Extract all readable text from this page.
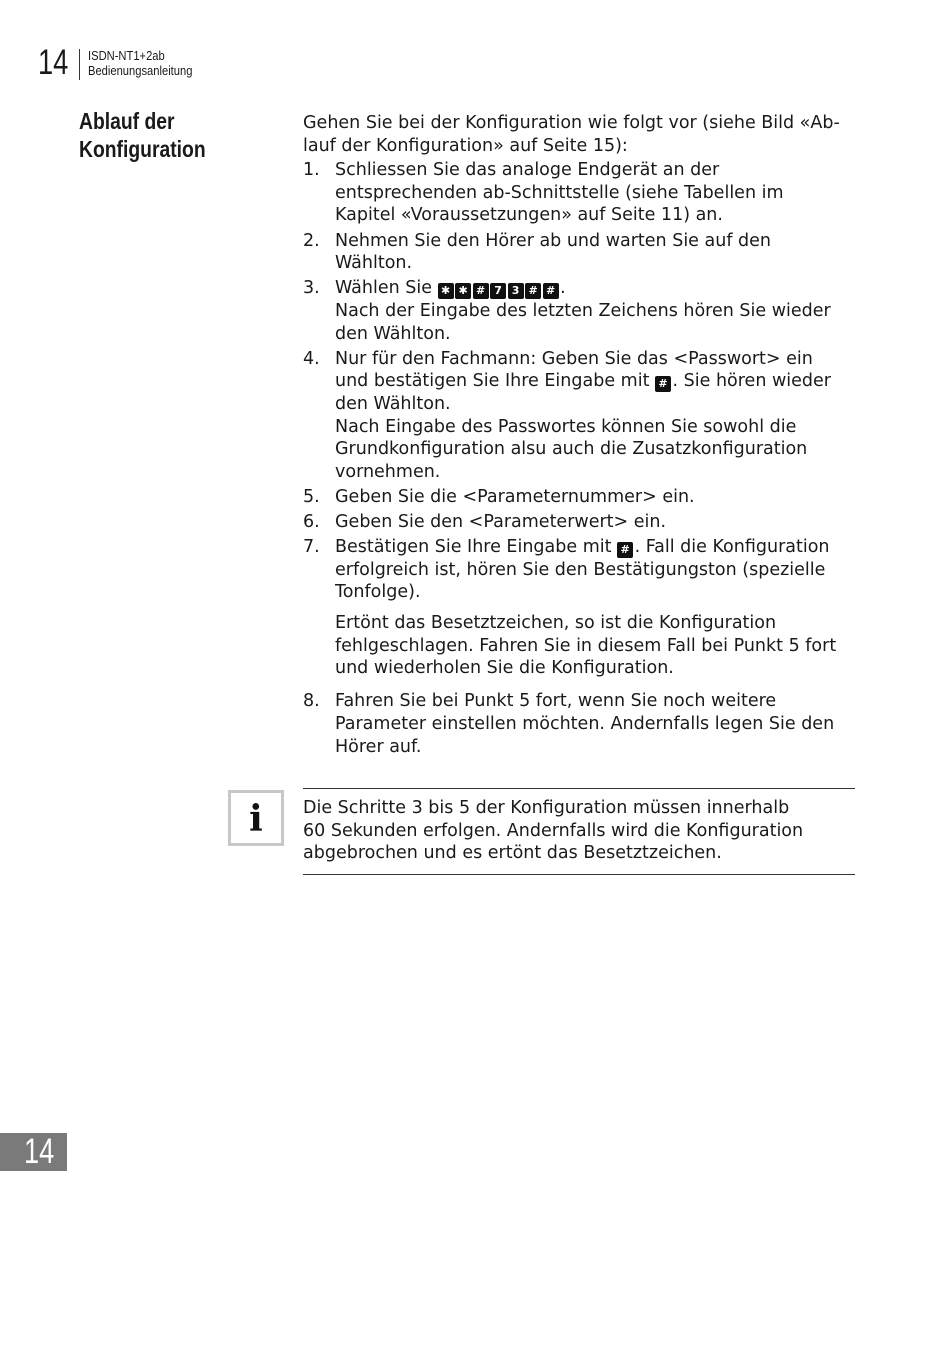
14 ISDN-NT1+2ab
Bedienungsanleitung
Ablauf der
Konfiguration
Gehen Sie bei der Konfiguration wie folgt vor (siehe Bild «Ab-
lauf der Konfiguration» auf Seite 15):
1. Schliessen Sie das analoge Endgerät an der
entsprechenden ab-Schnittstelle (siehe Tabellen im
Kapitel «Voraussetzungen» auf Seite 11) an.
2. Nehmen Sie den Hörer ab und warten Sie auf den
Wählton.
3. Wählen Sie ✱ ✱ # 7 3 # # .
Nach der Eingabe des letzten Zeichens hören Sie wieder
den Wählton.
4. Nur für den Fachmann: Geben Sie das <Passwort> ein
und bestätigen Sie Ihre Eingabe mit # . Sie hören wieder
den Wählton.
Nach Eingabe des Passwortes können Sie sowohl die
Grundkonfiguration alsu auch die Zusatzkonfiguration
vornehmen.
5. Geben Sie die <Parameternummer> ein.
6. Geben Sie den <Parameterwert> ein.
7. Bestätigen Sie Ihre Eingabe mit # . Fall die Konfiguration
erfolgreich ist, hören Sie den Bestätigungston (spezielle
Tonfolge).
Ertönt das Besetztzeichen, so ist die Konfiguration
fehlgeschlagen. Fahren Sie in diesem Fall bei Punkt 5 fort
und wiederholen Sie die Konfiguration.
8. Fahren Sie bei Punkt 5 fort, wenn Sie noch weitere
Parameter einstellen möchten. Andernfalls legen Sie den
Hörer auf.
i	Die Schritte 3 bis 5 der Konfiguration müssen innerhalb
60 Sekunden erfolgen. Andernfalls wird die Konfiguration
abgebrochen und es ertönt das Besetztzeichen.
14
